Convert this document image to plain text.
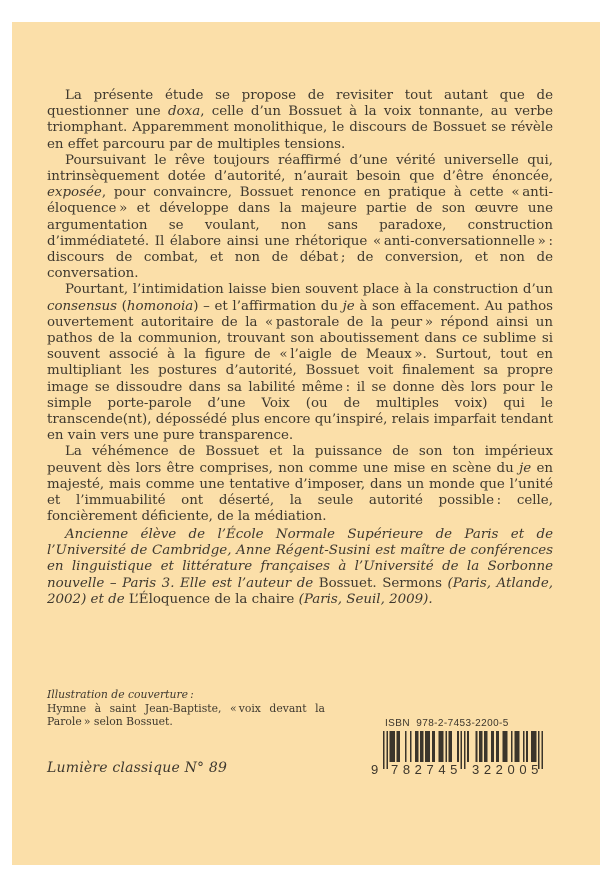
La présente étude se propose de revisiter tout autant que de questionner une doxa, celle d’un Bossuet à la voix tonnante, au verbe triomphant. Apparemment monolithique, le discours de Bossuet se révèle en effet parcouru par de multiples tensions.

Poursuivant le rêve toujours réaffirmé d’une vérité universelle qui, intrinsèquement dotée d’autorité, n’aurait besoin que d’être énoncée, exposée, pour convaincre, Bossuet renonce en pratique à cette « anti-éloquence » et développe dans la majeure partie de son œuvre une argumentation se voulant, non sans paradoxe, construction d’immédiateté. Il élabore ainsi une rhétorique « anti-conversationnelle » : discours de combat, et non de débat ; de conversion, et non de conversation.

Pourtant, l’intimidation laisse bien souvent place à la construction d’un consensus (homonoia) – et l’affirmation du je à son effacement. Au pathos ouvertement autoritaire de la « pastorale de la peur » répond ainsi un pathos de la communion, trouvant son aboutissement dans ce sublime si souvent associé à la figure de « l’aigle de Meaux ». Surtout, tout en multipliant les postures d’autorité, Bossuet voit finalement sa propre image se dissoudre dans sa labilité même : il se donne dès lors pour le simple porte-parole d’une Voix (ou de multiples voix) qui le transcende(nt), dépossédé plus encore qu’inspiré, relais imparfait tendant en vain vers une pure transparence.

La véhémence de Bossuet et la puissance de son ton impérieux peuvent dès lors être comprises, non comme une mise en scène du je en majesté, mais comme une tentative d’imposer, dans un monde que l’unité et l’immuabilité ont déserté, la seule autorité possible : celle, foncièrement déficiente, de la médiation.

Ancienne élève de l’École Normale Supérieure de Paris et de l’Université de Cambridge, Anne Régent-Susini est maître de conférences en linguistique et littérature françaises à l’Université de la Sorbonne nouvelle – Paris 3. Elle est l’auteur de Bossuet. Sermons (Paris, Atlande, 2002) et de L’Éloquence de la chaire (Paris, Seuil, 2009).

Illustration de couverture :
Hymne à saint Jean-Baptiste, « voix devant la Parole » selon Bossuet.	ISBN  978-2-7453-2200-5
9 782745 322005
Lumière classique N° 89
